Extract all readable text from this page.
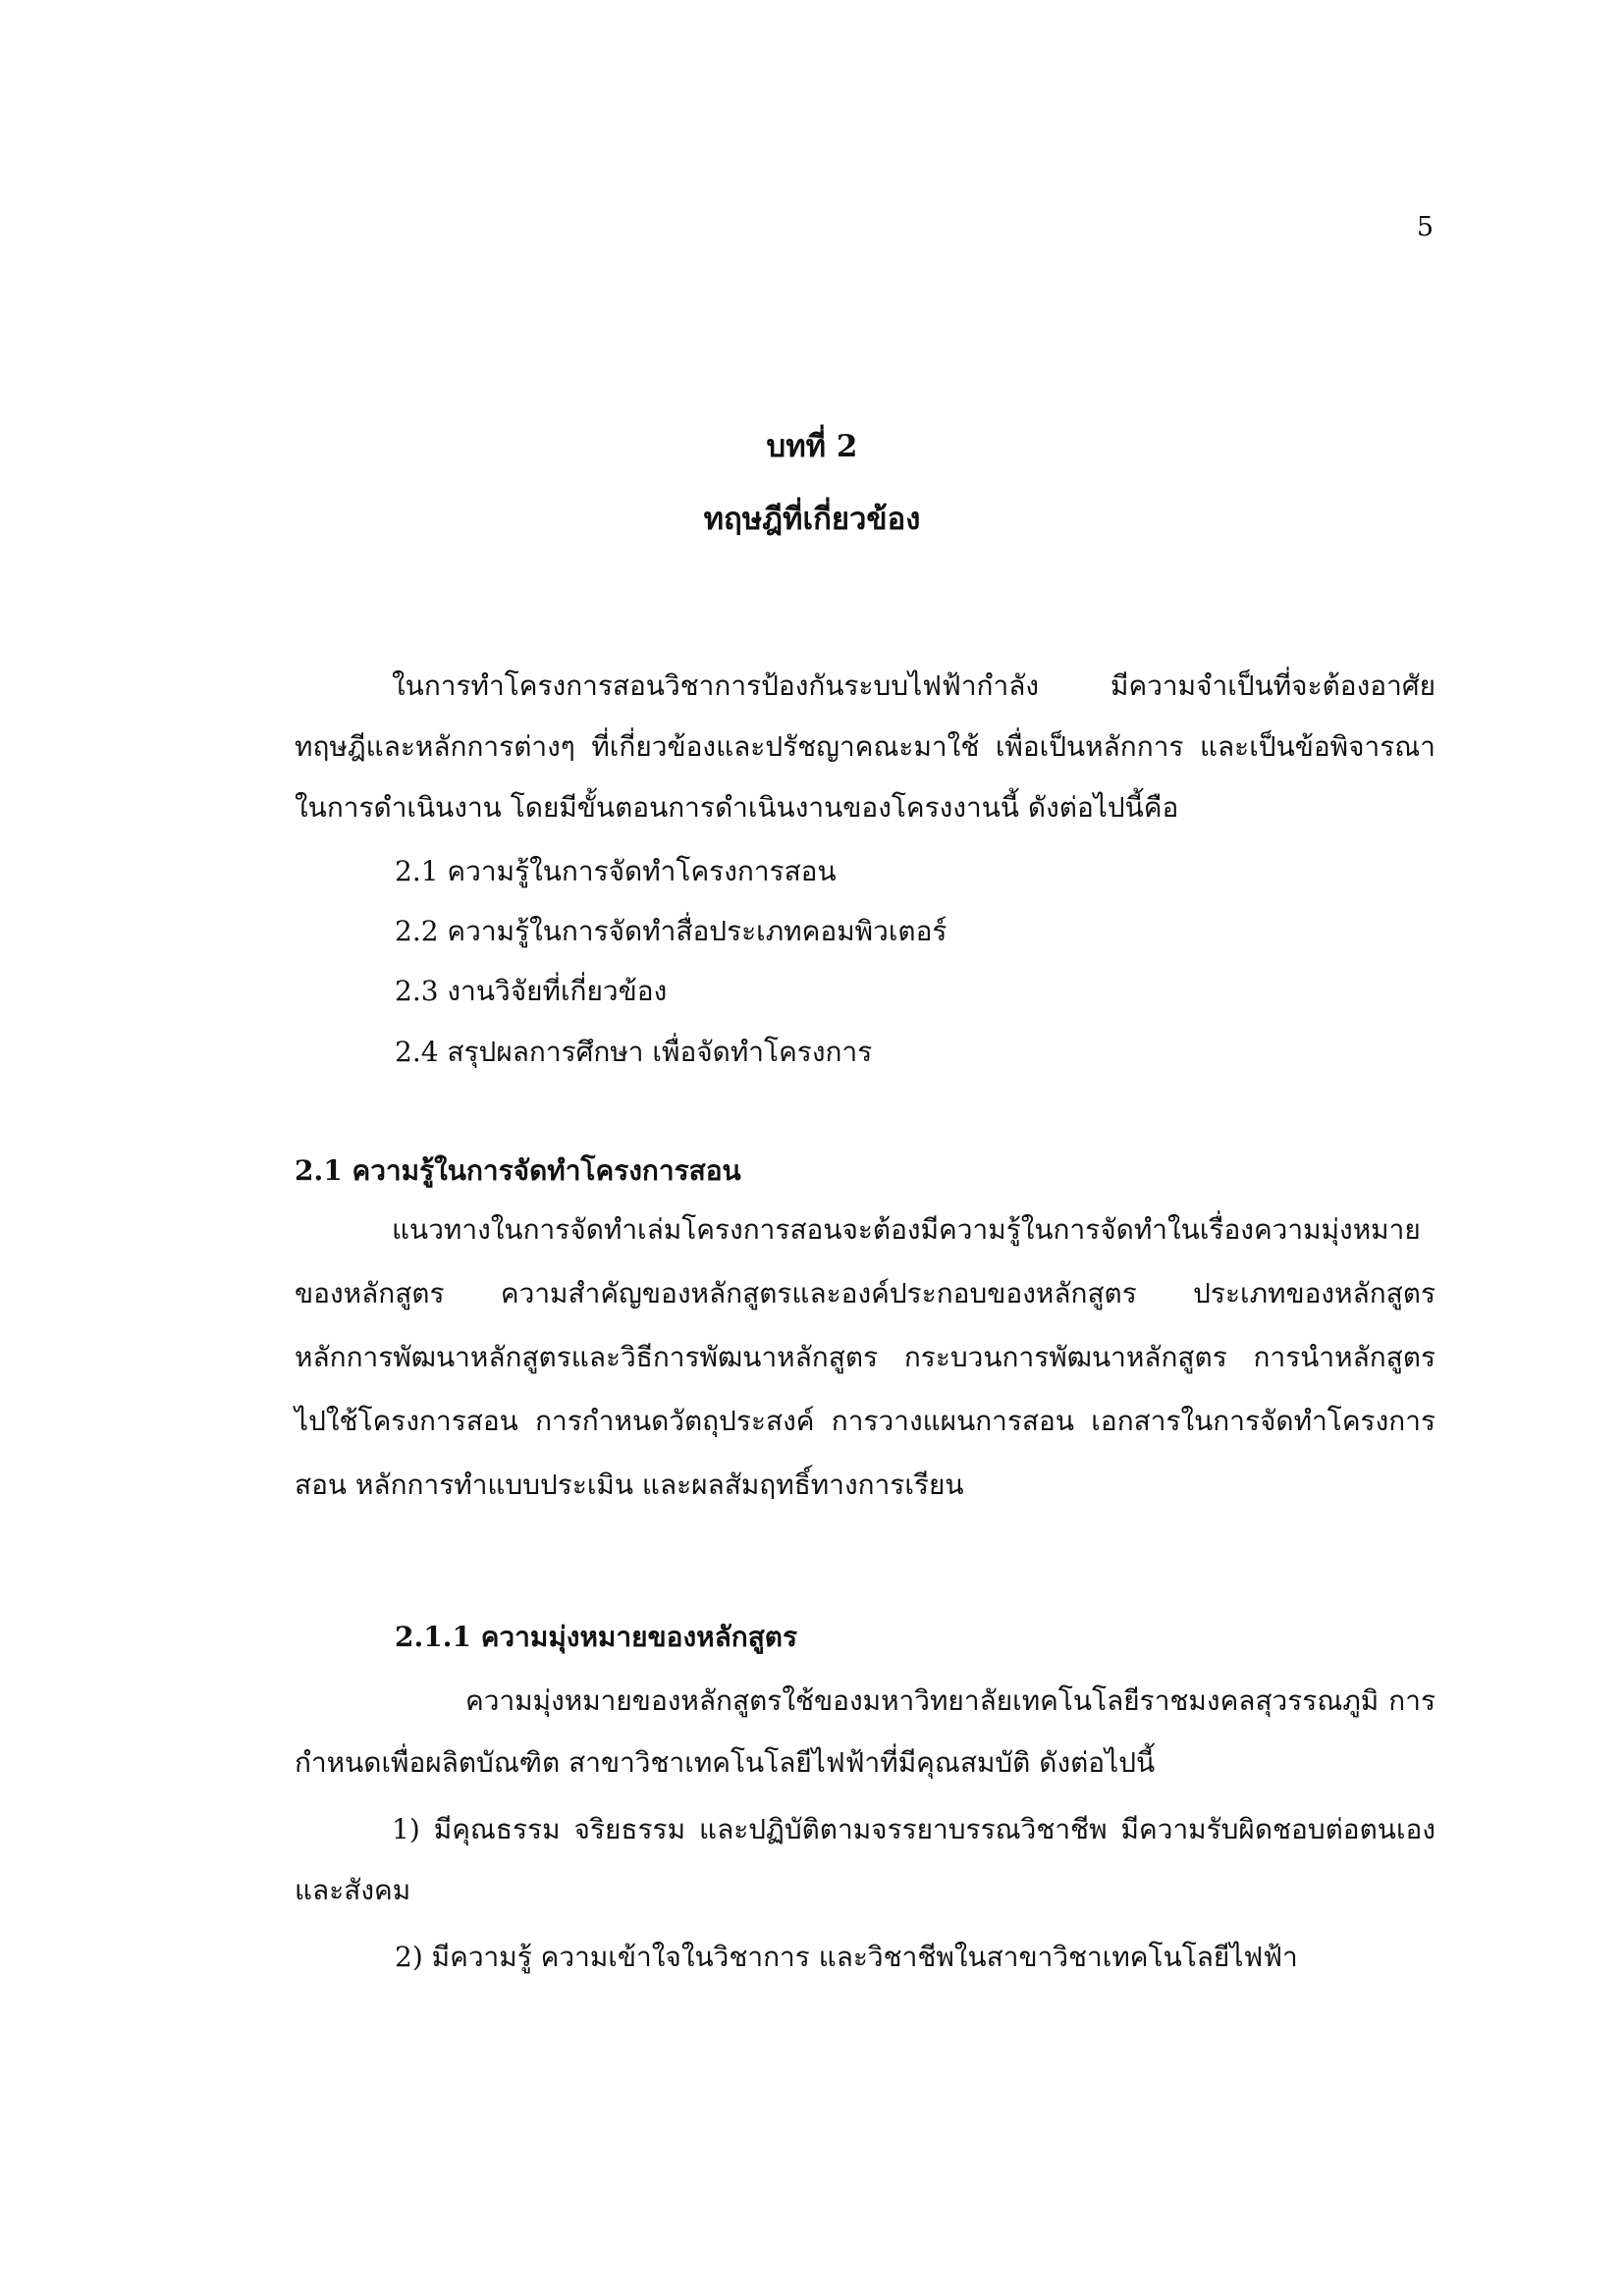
5
บทที่ 2
ทฤษฎีที่เกี่ยวข้อง
ในการทำโครงการสอนวิชาการป้องกันระบบไฟฟ้ากำลัง มีความจำเป็นที่จะต้องอาศัย
ทฤษฎีและหลักการต่างๆ ที่เกี่ยวข้องและปรัชญาคณะมาใช้ เพื่อเป็นหลักการ และเป็นข้อพิจารณา
ในการดำเนินงาน โดยมีขั้นตอนการดำเนินงานของโครงงานนี้ ดังต่อไปนี้คือ
2.1 ความรู้ในการจัดทำโครงการสอน
2.2 ความรู้ในการจัดทำสื่อประเภทคอมพิวเตอร์
2.3 งานวิจัยที่เกี่ยวข้อง
2.4 สรุปผลการศึกษา เพื่อจัดทำโครงการ
2.1 ความรู้ในการจัดทำโครงการสอน
แนวทางในการจัดทำเล่มโครงการสอนจะต้องมีความรู้ในการจัดทำในเรื่องความมุ่งหมาย
ของหลักสูตร ความสำคัญของหลักสูตรและองค์ประกอบของหลักสูตร ประเภทของหลักสูตร
หลักการพัฒนาหลักสูตรและวิธีการพัฒนาหลักสูตร กระบวนการพัฒนาหลักสูตร การนำหลักสูตร
ไปใช้โครงการสอน การกำหนดวัตถุประสงค์ การวางแผนการสอน เอกสารในการจัดทำโครงการ
สอน หลักการทำแบบประเมิน และผลสัมฤทธิ์ทางการเรียน
2.1.1 ความมุ่งหมายของหลักสูตร
ความมุ่งหมายของหลักสูตรใช้ของมหาวิทยาลัยเทคโนโลยีราชมงคลสุวรรณภูมิ การ
กำหนดเพื่อผลิตบัณฑิต สาขาวิชาเทคโนโลยีไฟฟ้าที่มีคุณสมบัติ ดังต่อไปนี้
1) มีคุณธรรม จริยธรรม และปฏิบัติตามจรรยาบรรณวิชาชีพ มีความรับผิดชอบต่อตนเอง
และสังคม
2) มีความรู้ ความเข้าใจในวิชาการ และวิชาชีพในสาขาวิชาเทคโนโลยีไฟฟ้า
